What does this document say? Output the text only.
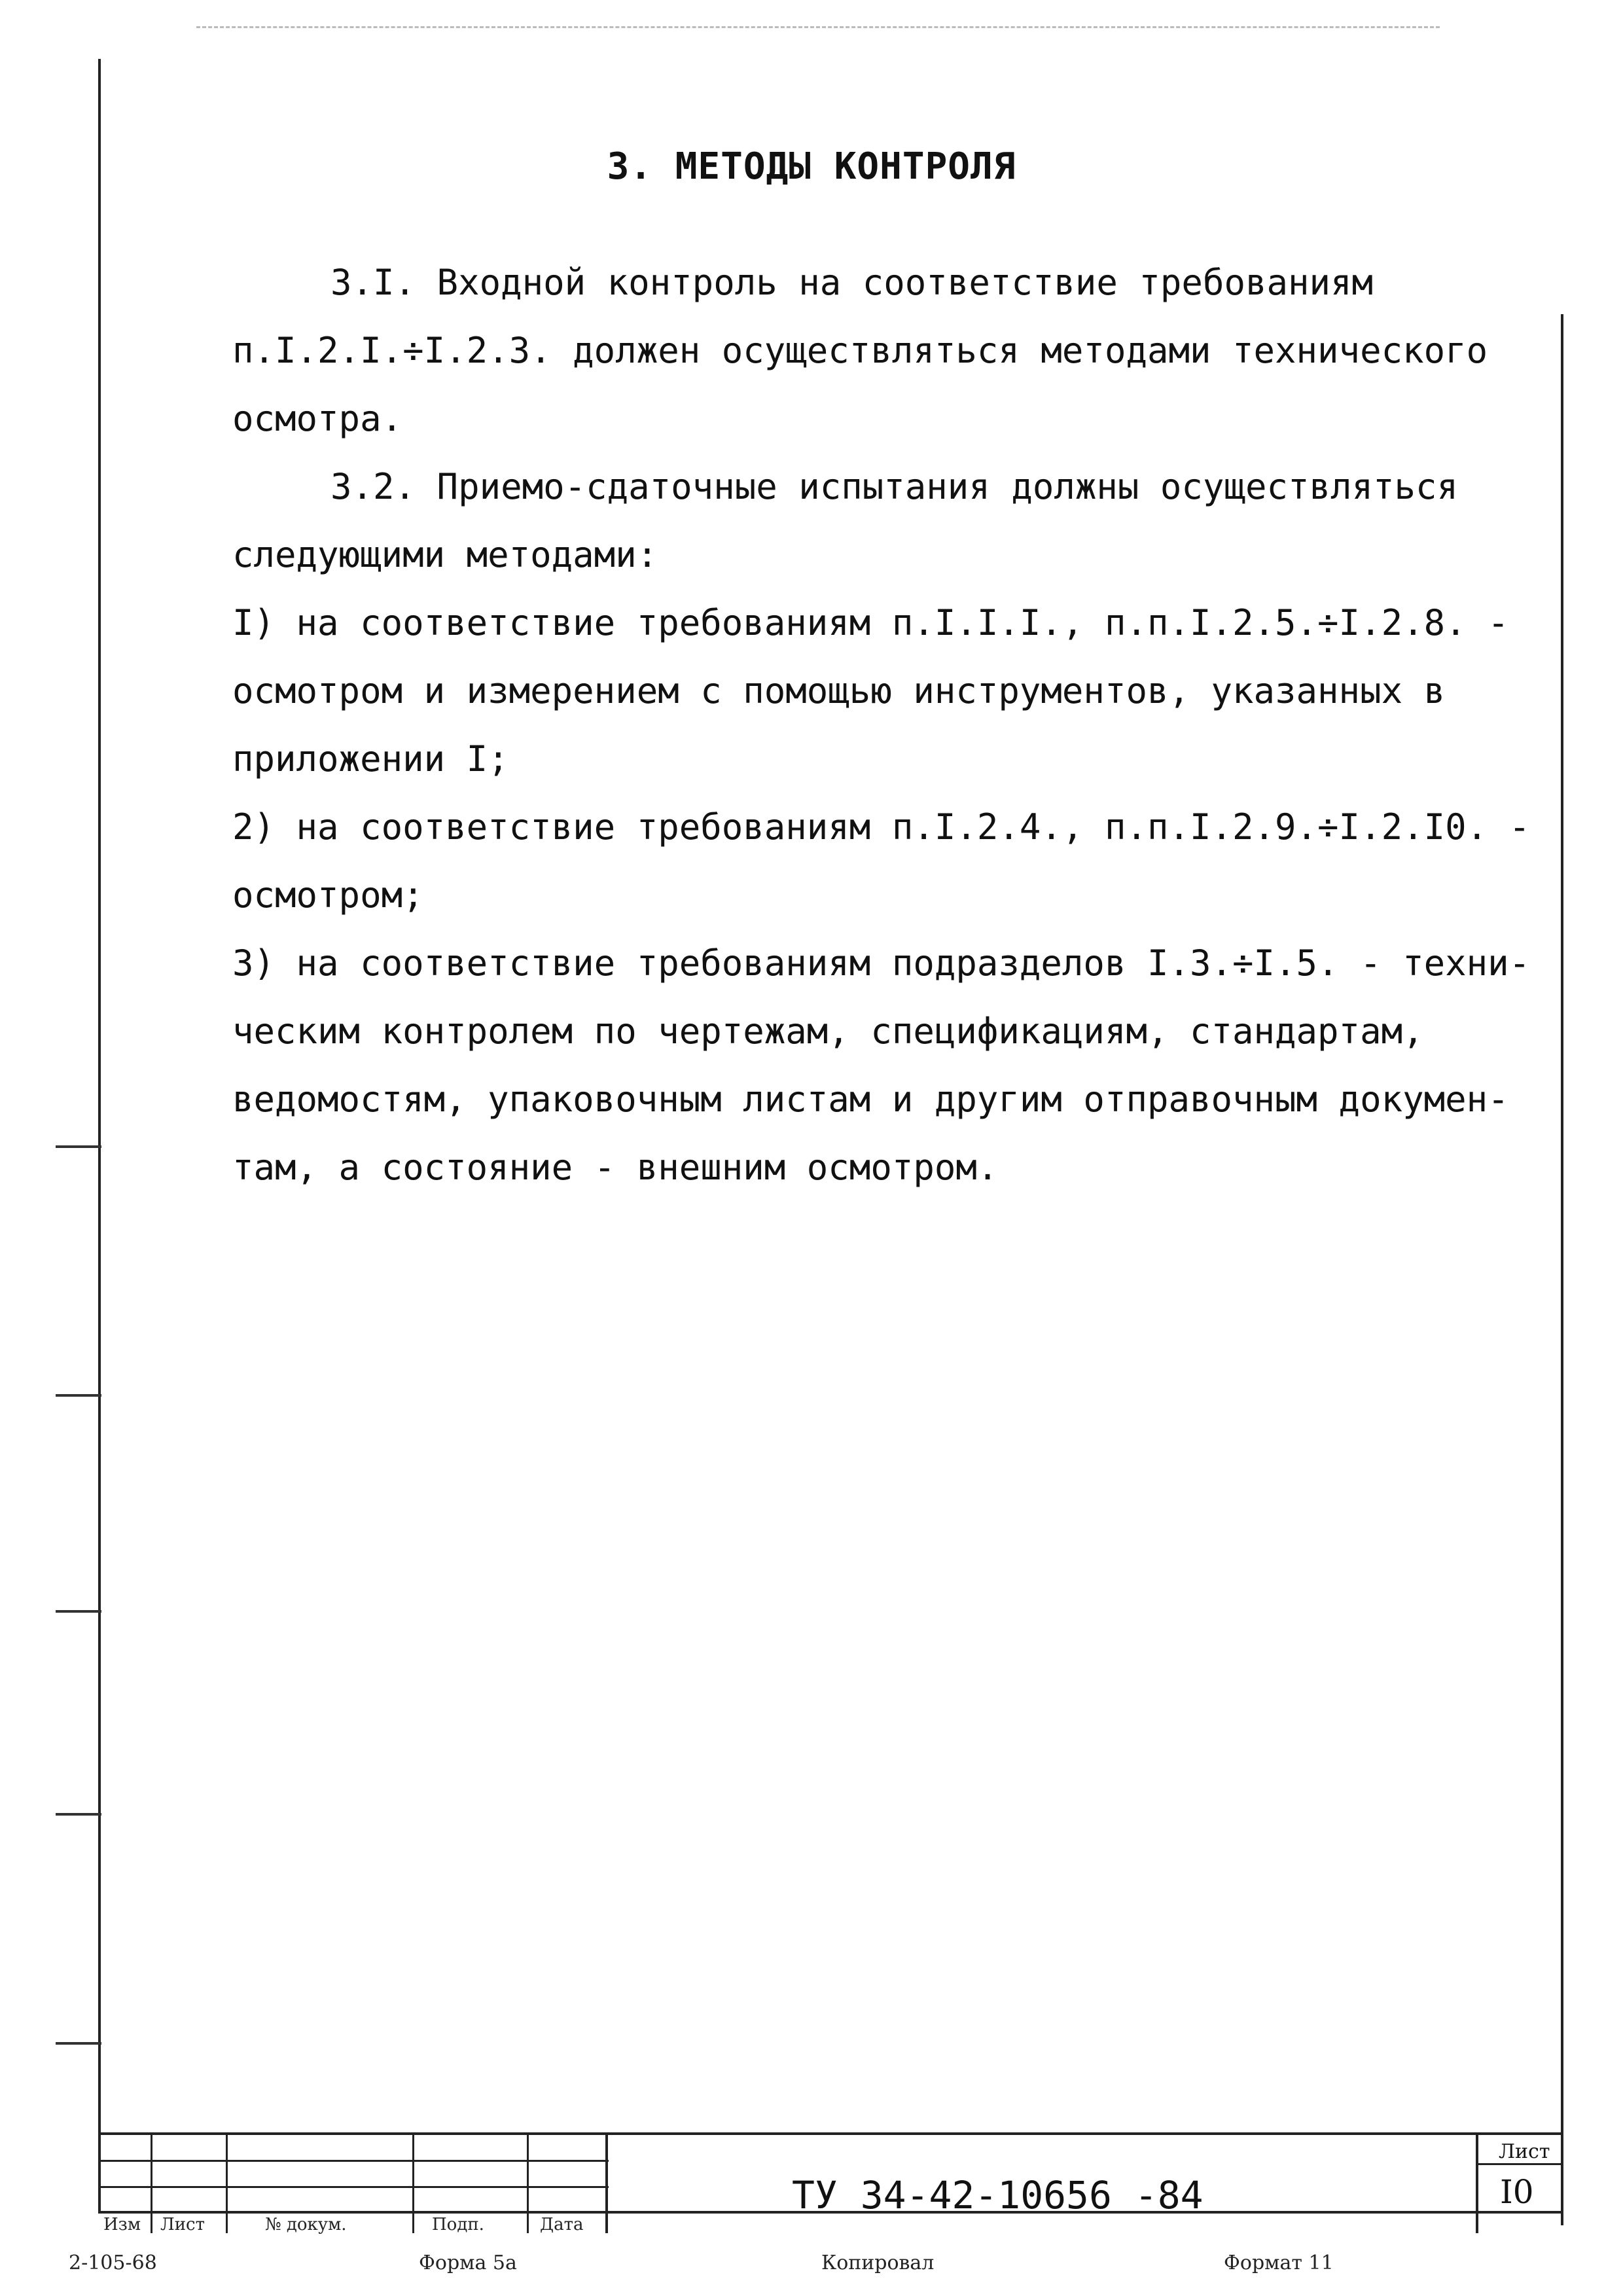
3. МЕТОДЫ КОНТРОЛЯ

3.I. Входной контроль на соответствие требованиям

п.I.2.I.÷I.2.3. должен осуществляться методами технического

осмотра.

3.2. Приемо-сдаточные испытания должны осуществляться

следующими методами:

I) на соответствие требованиям п.I.I.I., п.п.I.2.5.÷I.2.8. -

осмотром и измерением с помощью инструментов, указанных в

приложении I;

2) на соответствие требованиям п.I.2.4., п.п.I.2.9.÷I.2.I0. -

осмотром;

3) на соответствие требованиям подразделов I.3.÷I.5. - техни-

ческим контролем по чертежам, спецификациям, стандартам,

ведомостям, упаковочным листам и другим отправочным докумен-

там, а состояние - внешним осмотром.

Изм Лист	№ докум.	Подп.	Дата
ТУ 34-42-10656 -84
Лист
I0
2-105-68	Форма 5а	Копировал	Формат 11
